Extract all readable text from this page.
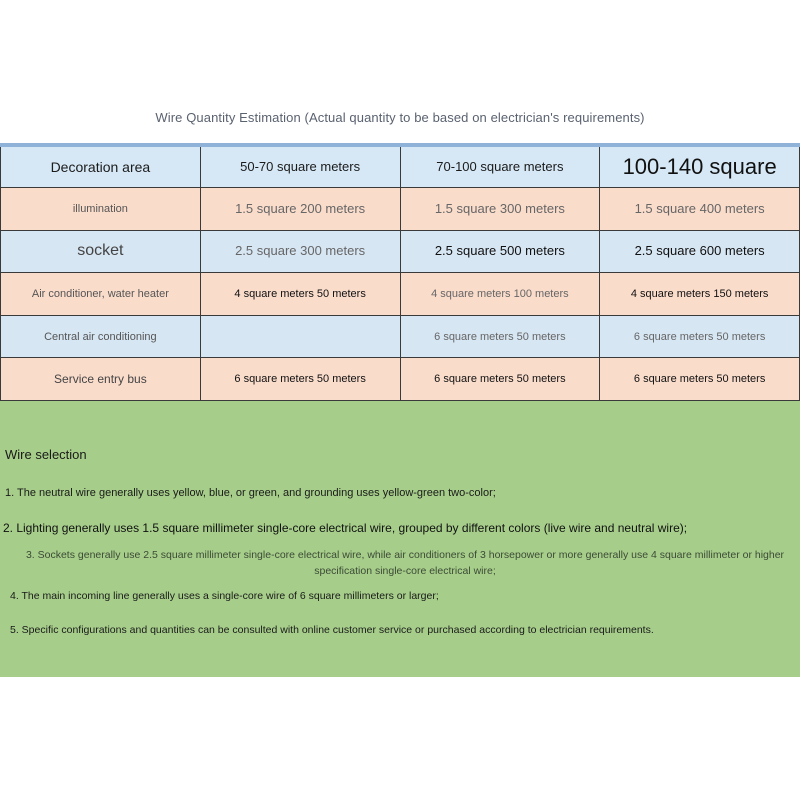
Wire Quantity Estimation (Actual quantity to be based on electrician's requirements)
Decoration area	50-70 square meters	70-100 square meters	100-140 square
illumination	1.5 square 200 meters	1.5 square 300 meters	1.5 square 400 meters
socket	2.5 square 300 meters	2.5 square 500 meters	2.5 square 600 meters
Air conditioner, water heater	4 square meters 50 meters	4 square meters 100 meters	4 square meters 150 meters
Central air conditioning		6 square meters 50 meters	6 square meters 50 meters
Service entry bus	6 square meters 50 meters	6 square meters 50 meters	6 square meters 50 meters
Wire selection
1. The neutral wire generally uses yellow, blue, or green, and grounding uses yellow-green two-color;
2. Lighting generally uses 1.5 square millimeter single-core electrical wire, grouped by different colors (live wire and neutral wire);
3. Sockets generally use 2.5 square millimeter single-core electrical wire, while air conditioners of 3 horsepower or more generally use 4 square millimeter or higher specification single-core electrical wire;
4. The main incoming line generally uses a single-core wire of 6 square millimeters or larger;
5. Specific configurations and quantities can be consulted with online customer service or purchased according to electrician requirements.
